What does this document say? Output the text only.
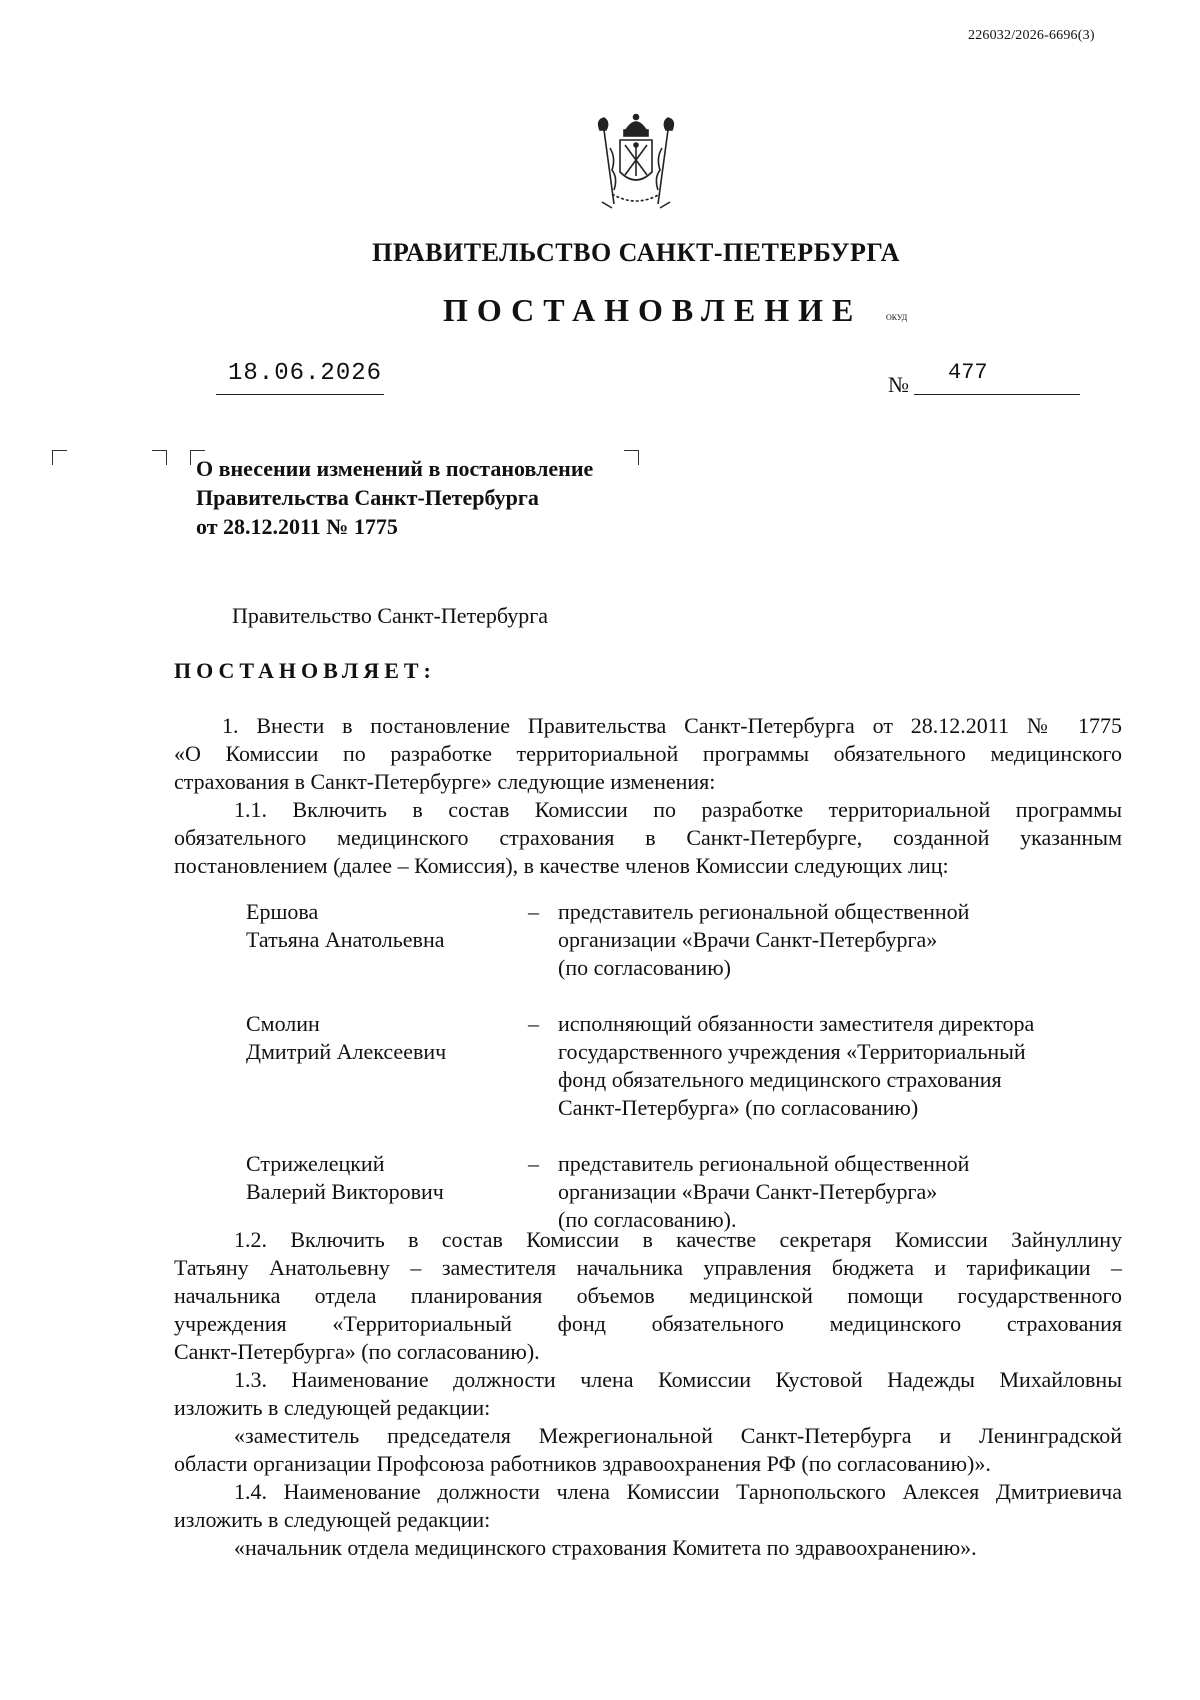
226032/2026-6696(3)
ПРАВИТЕЛЬСТВО САНКТ-ПЕТЕРБУРГА
ПОСТАНОВЛЕНИЕ окуд
18.06.2026	№ 477
О внесении изменений в постановление
Правительства Санкт-Петербурга
от 28.12.2011 № 1775
Правительство Санкт-Петербурга
ПОСТАНОВЛЯЕТ:
1. Внести в постановление Правительства Санкт-Петербурга от 28.12.2011 № 1775
«О Комиссии по разработке территориальной программы обязательного медицинского
страхования в Санкт-Петербурге» следующие изменения:
1.1. Включить в состав Комиссии по разработке территориальной программы
обязательного медицинского страхования в Санкт-Петербурге, созданной указанным
постановлением (далее – Комиссия), в качестве членов Комиссии следующих лиц:
Ершова
Татьяна Анатольевна
– представитель региональной общественной
организации «Врачи Санкт-Петербурга»
(по согласованию)
Смолин
Дмитрий Алексеевич
– исполняющий обязанности заместителя директора
государственного учреждения «Территориальный
фонд обязательного медицинского страхования
Санкт-Петербурга» (по согласованию)
Стрижелецкий
Валерий Викторович
– представитель региональной общественной
организации «Врачи Санкт-Петербурга»
(по согласованию).
1.2. Включить в состав Комиссии в качестве секретаря Комиссии Зайнуллину
Татьяну Анатольевну – заместителя начальника управления бюджета и тарификации –
начальника отдела планирования объемов медицинской помощи государственного
учреждения «Территориальный фонд обязательного медицинского страхования
Санкт-Петербурга» (по согласованию).
1.3. Наименование должности члена Комиссии Кустовой Надежды Михайловны
изложить в следующей редакции:
«заместитель председателя Межрегиональной Санкт-Петербурга и Ленинградской
области организации Профсоюза работников здравоохранения РФ (по согласованию)».
1.4. Наименование должности члена Комиссии Тарнопольского Алексея Дмитриевича
изложить в следующей редакции:
«начальник отдела медицинского страхования Комитета по здравоохранению».
